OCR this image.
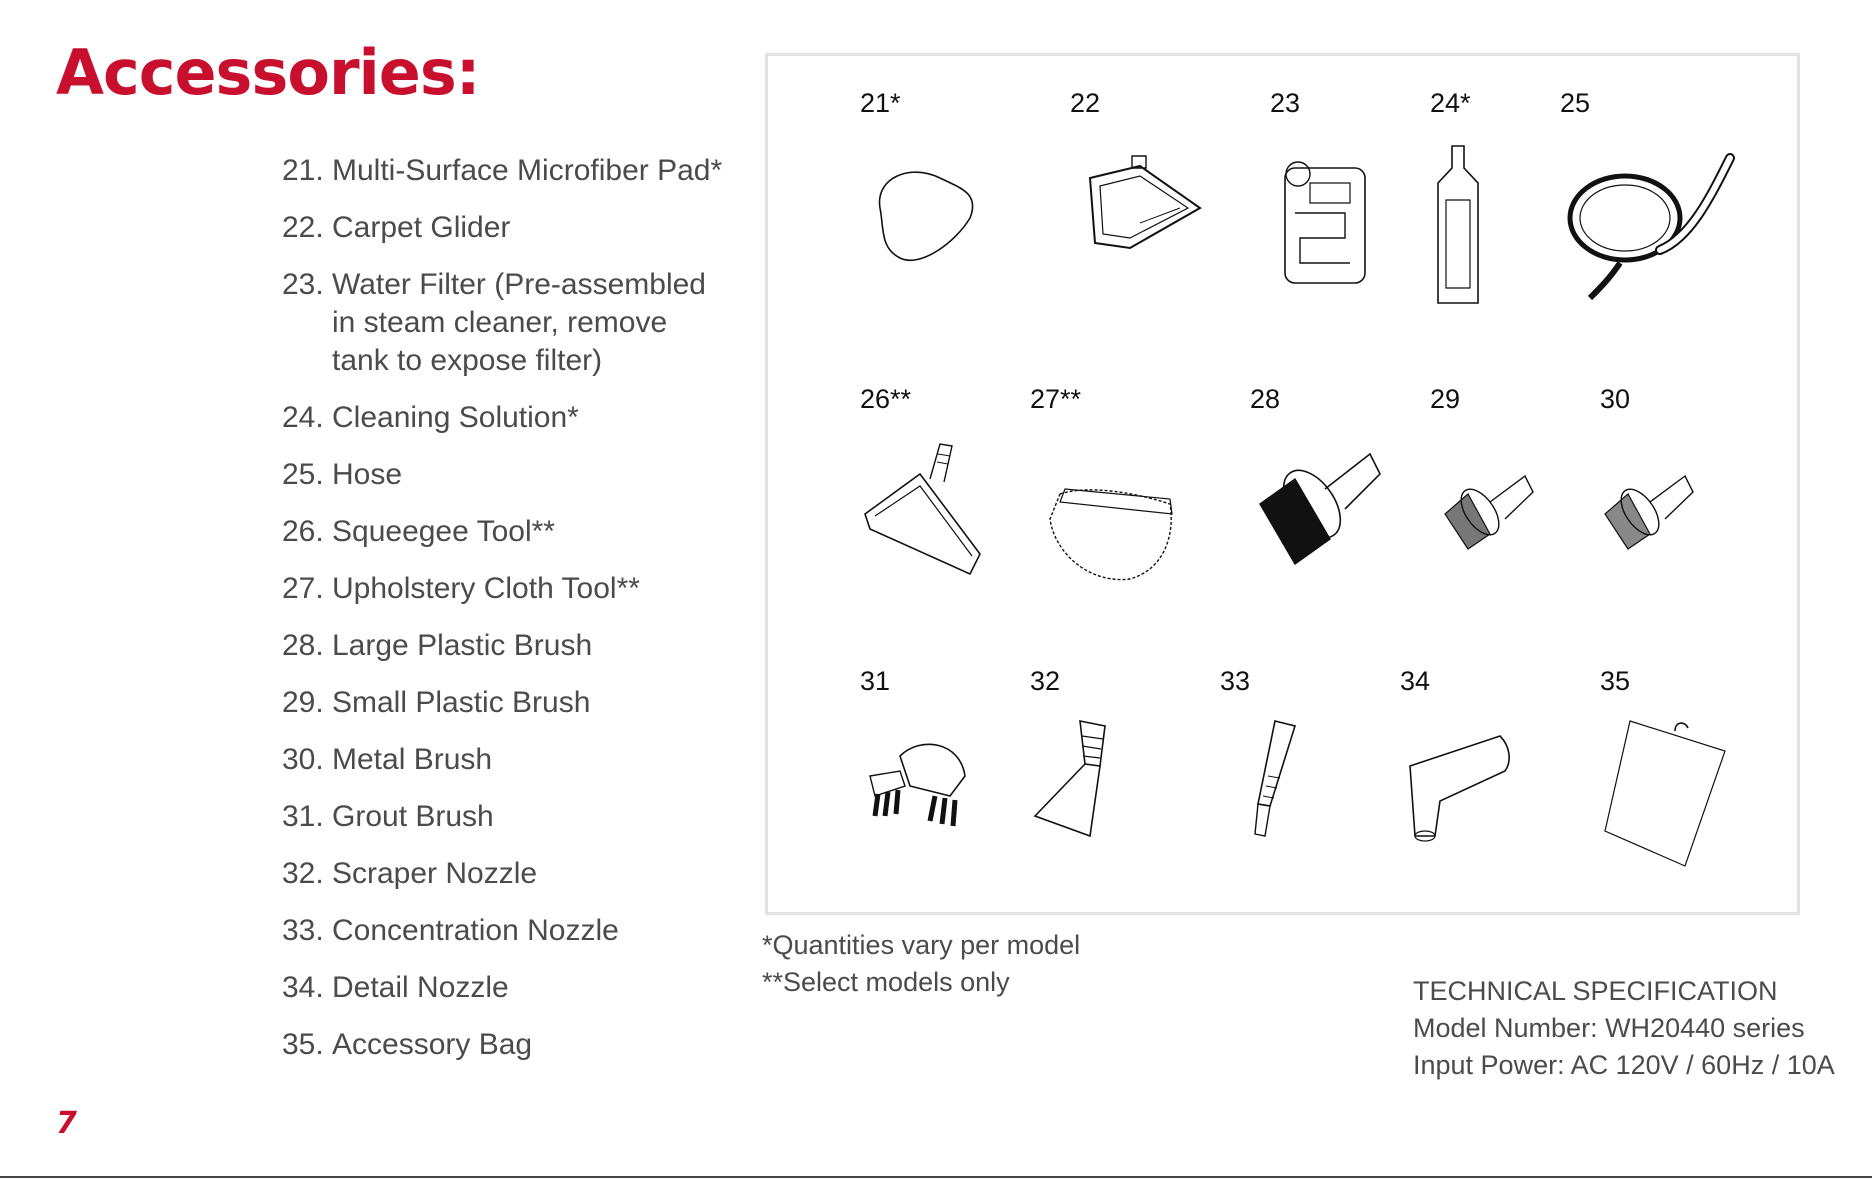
Accessories:
21. Multi-Surface Microfiber Pad*
22. Carpet Glider
23. Water Filter (Pre-assembled in steam cleaner, remove tank to expose filter)
24. Cleaning Solution*
25. Hose
26. Squeegee Tool**
27. Upholstery Cloth Tool**
28. Large Plastic Brush
29. Small Plastic Brush
30. Metal Brush
31. Grout Brush
32. Scraper Nozzle
33. Concentration Nozzle
34. Detail Nozzle
35. Accessory Bag
21*	22	23	24*	25
26**	27**	28	29	30
31	32	33	34	35
*Quantities vary per model
**Select models only	TECHNICAL SPECIFICATION
Model Number: WH20440 series
Input Power: AC 120V / 60Hz / 10A
7
